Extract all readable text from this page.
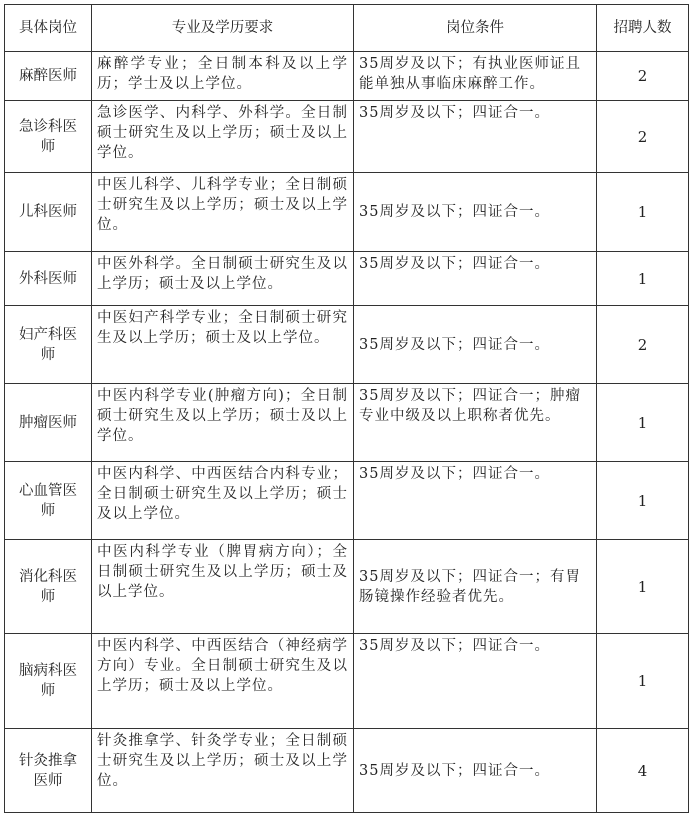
具体岗位	专业及学历要求	岗位条件	招聘人数
麻醉医师	麻醉学专业；全日制本科及以上学历；学士及以上学位。	35周岁及以下；有执业医师证且能单独从事临床麻醉工作。	2
急诊科医师	急诊医学、内科学、外科学。全日制硕士研究生及以上学历；硕士及以上学位。	35周岁及以下；四证合一。	2
儿科医师	中医儿科学、儿科学专业；全日制硕士研究生及以上学历；硕士及以上学位。	35周岁及以下；四证合一。	1
外科医师	中医外科学。全日制硕士研究生及以上学历；硕士及以上学位。	35周岁及以下；四证合一。	1
妇产科医师	中医妇产科学专业；全日制硕士研究生及以上学历；硕士及以上学位。	35周岁及以下；四证合一。	2
肿瘤医师	中医内科学专业(肿瘤方向)；全日制硕士研究生及以上学历；硕士及以上学位。	35周岁及以下；四证合一；肿瘤专业中级及以上职称者优先。	1
心血管医师	中医内科学、中西医结合内科专业；全日制硕士研究生及以上学历；硕士及以上学位。	35周岁及以下；四证合一。	1
消化科医师	中医内科学专业（脾胃病方向）；全日制硕士研究生及以上学历；硕士及以上学位。	35周岁及以下；四证合一；有胃肠镜操作经验者优先。	1
脑病科医师	中医内科学、中西医结合（神经病学方向）专业。全日制硕士研究生及以上学历；硕士及以上学位。	35周岁及以下；四证合一。	1
针灸推拿医师	针灸推拿学、针灸学专业；全日制硕士研究生及以上学历；硕士及以上学位。	35周岁及以下；四证合一。	4
